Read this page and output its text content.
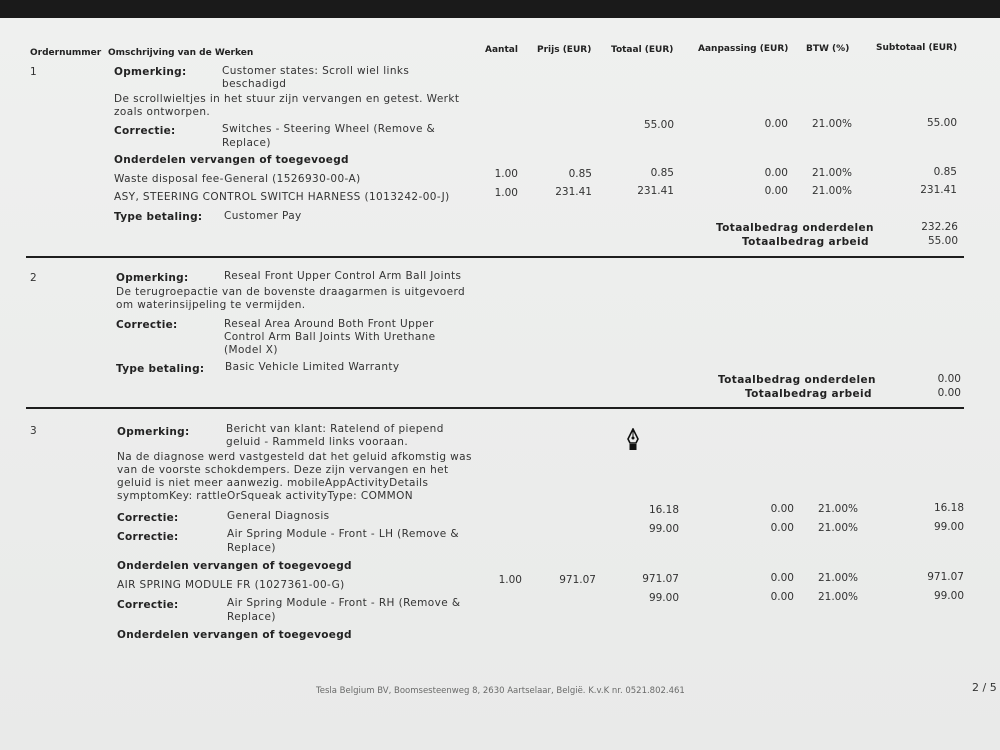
Ordernummer Omschrijving van de Werken	Aantal Prijs (EUR) Totaal (EUR)	Aanpassing (EUR) BTW (%)	Subtotaal (EUR)
1	Opmerking:	Customer states: Scroll wiel links
beschadigd
De scrollwieltjes in het stuur zijn vervangen en getest. Werkt
zoals ontworpen.
Correctie:	Switches - Steering Wheel (Remove &
Replace)
55.00	0.00	21.00%	55.00
Onderdelen vervangen of toegevoegd
Waste disposal fee-General (1526930-00-A)	1.00	0.85	0.85	0.00	21.00%	0.85
ASY, STEERING CONTROL SWITCH HARNESS (1013242-00-J)	1.00	231.41	231.41	0.00	21.00%	231.41
Type betaling: Customer Pay
Totaalbedrag onderdelen	232.26
Totaalbedrag arbeid	55.00
2	Opmerking:	Reseal Front Upper Control Arm Ball Joints
De terugroepactie van de bovenste draagarmen is uitgevoerd
om waterinsijpeling te vermijden.
Correctie:	Reseal Area Around Both Front Upper
Control Arm Ball Joints With Urethane
(Model X)
Type betaling: Basic Vehicle Limited Warranty
Totaalbedrag onderdelen	0.00
Totaalbedrag arbeid	0.00
3	Opmerking:	Bericht van klant: Ratelend of piepend
geluid - Rammeld links vooraan.
Na de diagnose werd vastgesteld dat het geluid afkomstig was
van de voorste schokdempers. Deze zijn vervangen en het
geluid is niet meer aanwezig. mobileAppActivityDetails
symptomKey: rattleOrSqueak activityType: COMMON
Correctie:	General Diagnosis	16.18	0.00	21.00%	16.18
Correctie:	Air Spring Module - Front - LH (Remove &
Replace)
99.00	0.00	21.00%	99.00
Onderdelen vervangen of toegevoegd
AIR SPRING MODULE FR (1027361-00-G)	1.00	971.07	971.07	0.00	21.00%	971.07
Correctie:	Air Spring Module - Front - RH (Remove &
Replace)
99.00	0.00	21.00%	99.00
Onderdelen vervangen of toegevoegd
Tesla Belgium BV, Boomsesteenweg 8, 2630 Aartselaar, België. K.v.K nr. 0521.802.461	2 / 5
